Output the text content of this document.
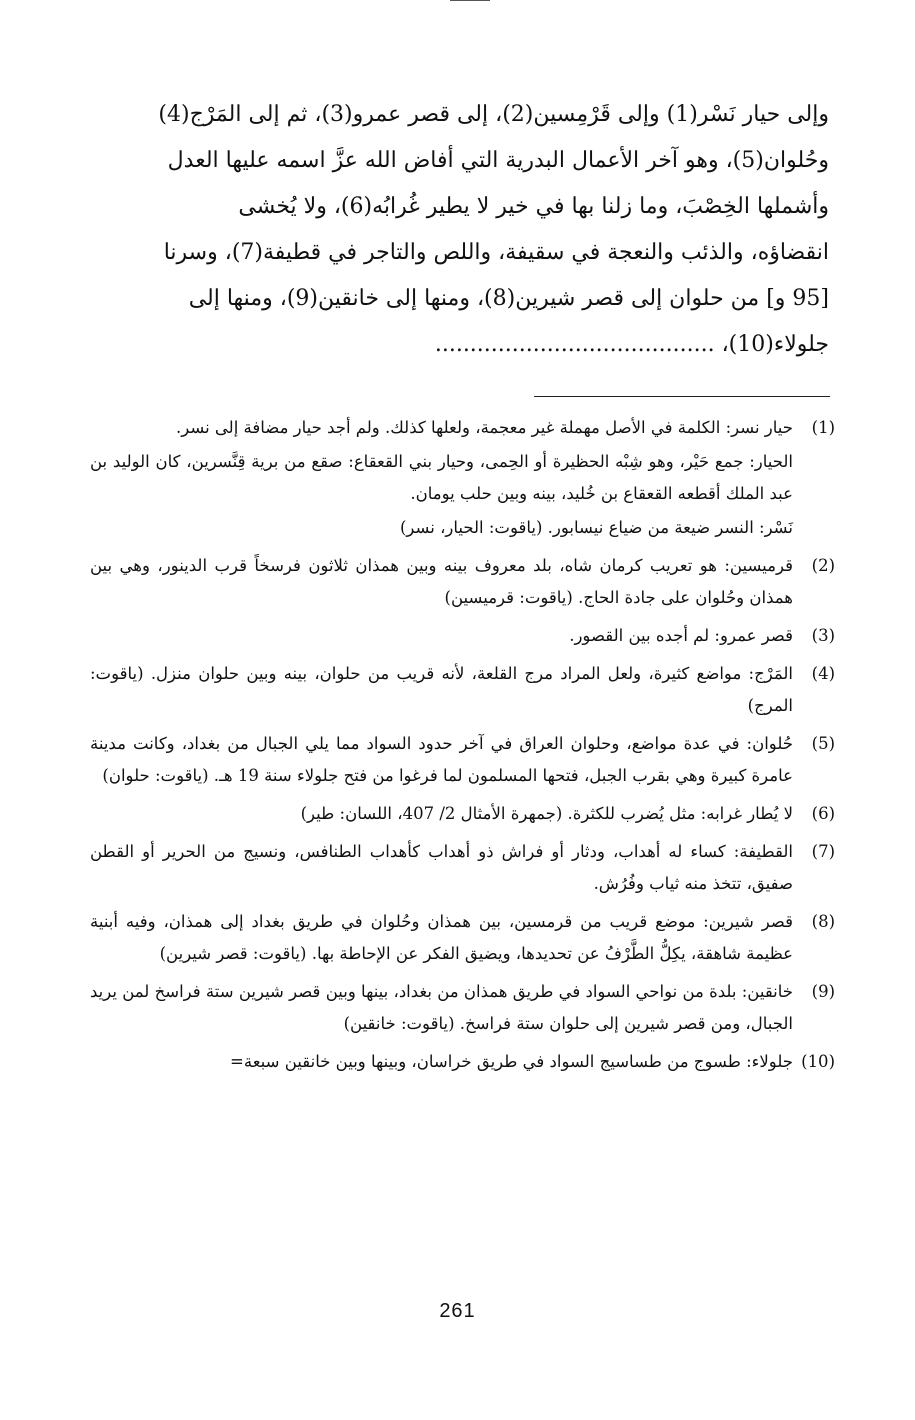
وإلى حيار نَسْر(1) وإلى قَرْمِسين(2)، إلى قصر عمرو(3)، ثم إلى المَرْج(4)
وحُلوان(5)، وهو آخر الأعمال البدرية التي أفاض الله عزَّ اسمه عليها العدل
وأشملها الخِصْبَ، وما زلنا بها في خير لا يطير غُرابُه(6)، ولا يُخشى
انقضاؤه، والذئب والنعجة في سقيفة، واللص والتاجر في قطيفة(7)، وسرنا
[95 و] من حلوان إلى قصر شيرين(8)، ومنها إلى خانقين(9)، ومنها إلى
جلولاء(10)، ........................................
(1)
حيار نسر: الكلمة في الأصل مهملة غير معجمة، ولعلها كذلك. ولم أجد حيار مضافة إلى نسر.
الحيار: جمع حَيْر، وهو شِبْه الحظيرة أو الحِمى، وحيار بني القعقاع: صقع من برية قِنَّسرين، كان الوليد بن عبد الملك أقطعه القعقاع بن خُليد، بينه وبين حلب يومان.
نَسْر: النسر ضيعة من ضياع نيسابور. (ياقوت: الحيار، نسر)
(2)
قرميسين: هو تعريب كرمان شاه، بلد معروف بينه وبين همذان ثلاثون فرسخاً قرب الدينور، وهي بين همذان وحُلوان على جادة الحاج. (ياقوت: قرميسين)
(3)
قصر عمرو: لم أجده بين القصور.
(4)
المَرْج: مواضع كثيرة، ولعل المراد مرج القلعة، لأنه قريب من حلوان، بينه وبين حلوان منزل. (ياقوت: المرج)
(5)
حُلوان: في عدة مواضع، وحلوان العراق في آخر حدود السواد مما يلي الجبال من بغداد، وكانت مدينة عامرة كبيرة وهي بقرب الجبل، فتحها المسلمون لما فرغوا من فتح جلولاء سنة 19 هـ. (ياقوت: حلوان)
(6)
لا يُطار غرابه: مثل يُضرب للكثرة. (جمهرة الأمثال 2/ 407، اللسان: طير)
(7)
القطيفة: كساء له أهداب، ودثار أو فراش ذو أهداب كأهداب الطنافس، ونسيج من الحرير أو القطن صفيق، تتخذ منه ثياب وفُرُش.
(8)
قصر شيرين: موضع قريب من قرمسين، بين همذان وحُلوان في طريق بغداد إلى همذان، وفيه أبنية عظيمة شاهقة، يكِلُّ الطَّرْفُ عن تحديدها، ويضيق الفكر عن الإحاطة بها. (ياقوت: قصر شيرين)
(9)
خانقين: بلدة من نواحي السواد في طريق همذان من بغداد، بينها وبين قصر شيرين ستة فراسخ لمن يريد الجبال، ومن قصر شيرين إلى حلوان ستة فراسخ. (ياقوت: خانقين)
(10)
جلولاء: طسوج من طساسيج السواد في طريق خراسان، وبينها وبين خانقين سبعة=
261
